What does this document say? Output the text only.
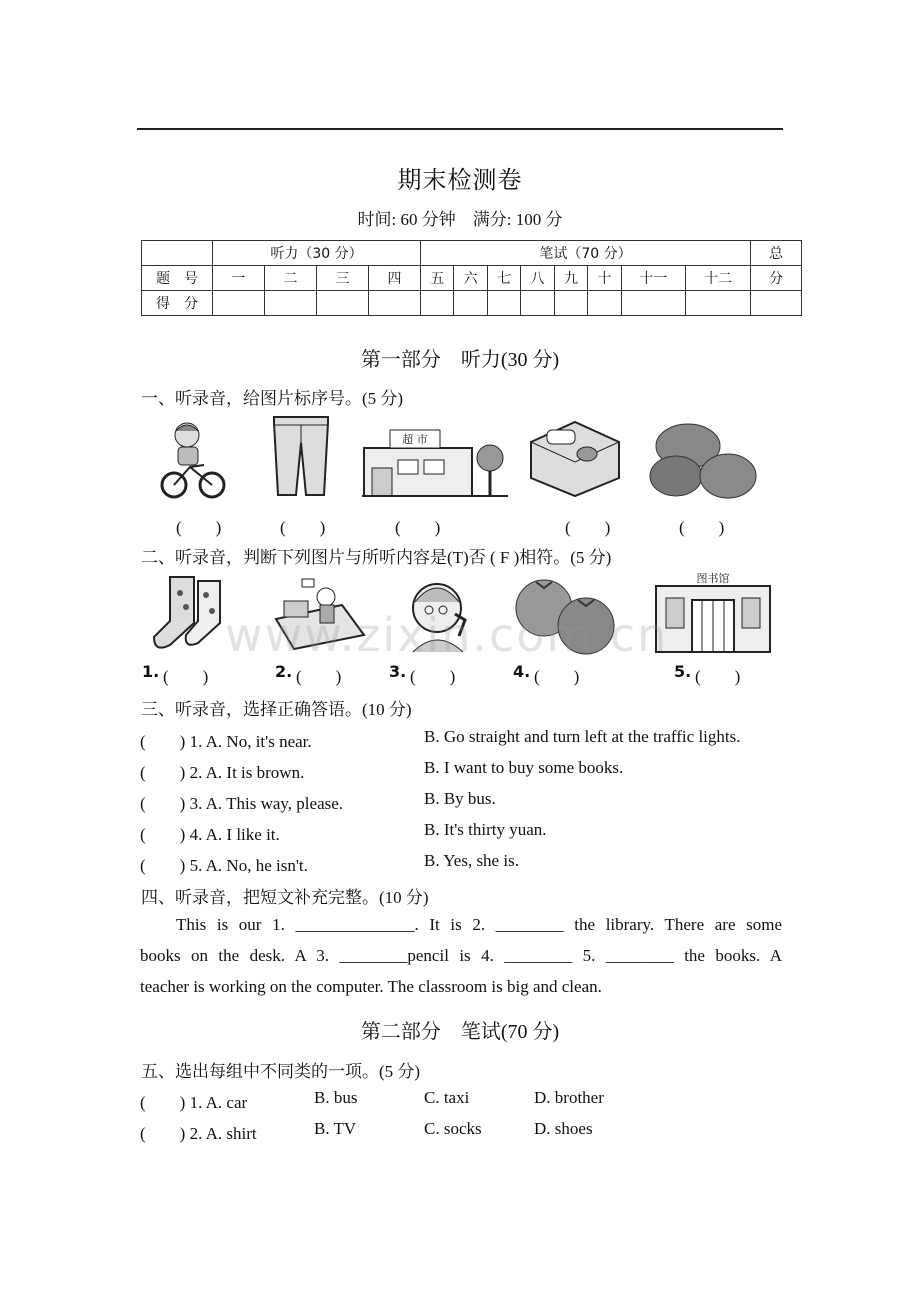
期末检测卷
时间: 60 分钟　满分: 100 分
	听力（30 分）				笔试（70 分）								总
题　号	一	二	三	四	五	六	七	八	九	十	十一	十二	分
得　分													
第一部分　听力(30 分)
一、听录音，给图片标序号。(5 分)
超 市
(　　)	(　　)	(　　)	(　　)	(　　)
二、听录音，判断下列图片与所听内容是(T)否 ( F )相符。(5 分)
图书馆
www.zixin.com.cn
1. (　　)	2. (　　)	3. (　　)	4. (　　)	5. (　　)
三、听录音，选择正确答语。(10 分)
(　　) 1. A. No, it's near.	B. Go straight and turn left at the traffic lights.
(　　) 2. A. It is brown.	B. I want to buy some books.
(　　) 3. A. This way, please.	B. By bus.
(　　) 4. A. I like it.	B. It's thirty yuan.
(　　) 5. A. No, he isn't.	B. Yes, she is.
四、听录音，把短文补充完整。(10 分)
This is our 1. ______________. It is 2. ________ the library. There are some
books on the desk. A 3. ________pencil is 4. ________ 5. ________ the books. A
teacher is working on the computer. The classroom is big and clean.
第二部分　笔试(70 分)
五、选出每组中不同类的一项。(5 分)
(　　) 1. A. car	B. bus	C. taxi	D. brother
(　　) 2. A. shirt	B. TV	C. socks	D. shoes
